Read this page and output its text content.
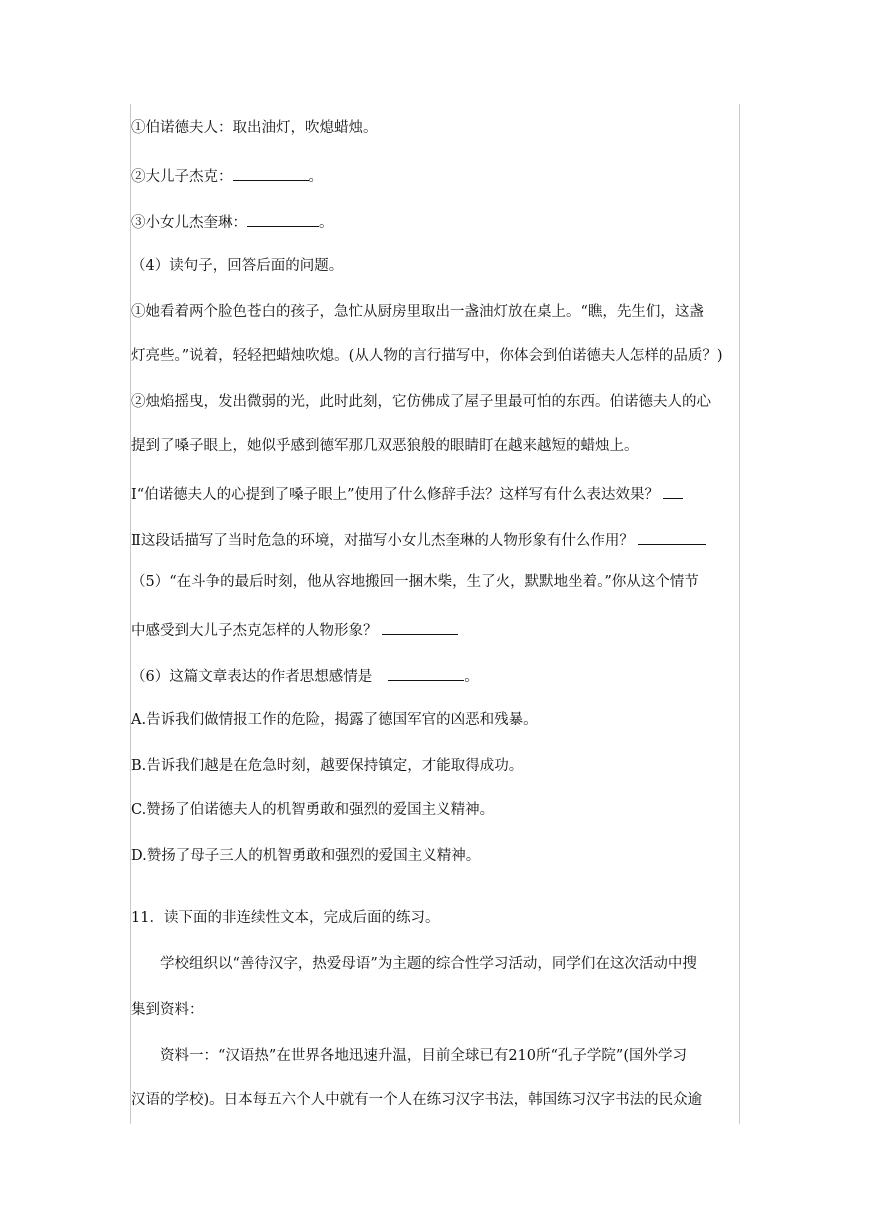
①伯诺德夫人：取出油灯，吹熄蜡烛。
②大儿子杰克：	。
③小女儿杰奎琳：	。
（4）读句子，回答后面的问题。
①她看着两个脸色苍白的孩子，急忙从厨房里取出一盏油灯放在桌上。“瞧，先生们，这盏
灯亮些。”说着，轻轻把蜡烛吹熄。(从人物的言行描写中，你体会到伯诺德夫人怎样的品质？)
②烛焰摇曳，发出微弱的光，此时此刻，它仿佛成了屋子里最可怕的东西。伯诺德夫人的心
提到了嗓子眼上，她似乎感到德军那几双恶狼般的眼睛盯在越来越短的蜡烛上。
Ⅰ“伯诺德夫人的心提到了嗓子眼上”使用了什么修辞手法？这样写有什么表达效果？
Ⅱ这段话描写了当时危急的环境，对描写小女儿杰奎琳的人物形象有什么作用？
（5）“在斗争的最后时刻，他从容地搬回一捆木柴，生了火，默默地坐着。”你从这个情节
中感受到大儿子杰克怎样的人物形象？
（6）这篇文章表达的作者思想感情是	。
A.告诉我们做情报工作的危险，揭露了德国军官的凶恶和残暴。
B.告诉我们越是在危急时刻，越要保持镇定，才能取得成功。
C.赞扬了伯诺德夫人的机智勇敢和强烈的爱国主义精神。
D.赞扬了母子三人的机智勇敢和强烈的爱国主义精神。
11．读下面的非连续性文本，完成后面的练习。
学校组织以“善待汉字，热爱母语”为主题的综合性学习活动，同学们在这次活动中搜
集到资料：
资料一：“汉语热”在世界各地迅速升温，目前全球已有210所“孔子学院”(国外学习
汉语的学校)。日本每五六个人中就有一个人在练习汉字书法，韩国练习汉字书法的民众逾
